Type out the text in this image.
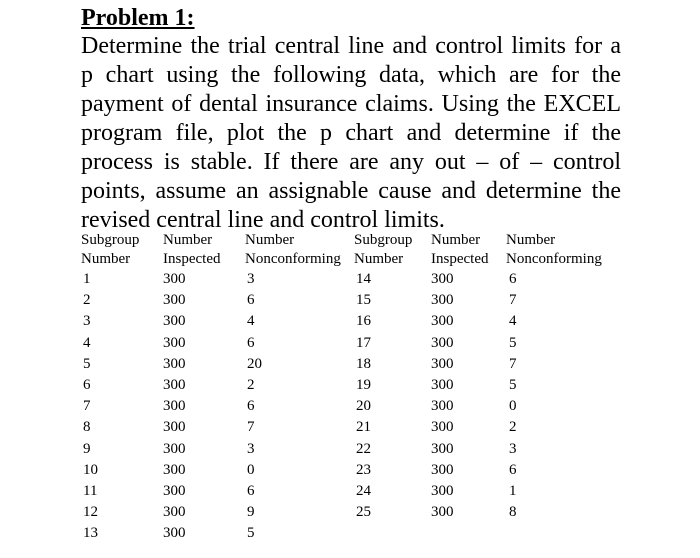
Problem 1:

Determine the trial central line and control limits for a
p chart using the following data, which are for the
payment of dental insurance claims. Using the EXCEL
program file, plot the p chart and determine if the
process is stable. If there are any out – of – control
points, assume an assignable cause and determine the
revised central line and control limits.

Subgroup	Number	Number	Subgroup	Number	Number
Number	Inspected	Nonconforming	Number	Inspected	Nonconforming
1	300	3	14	300	6
2	300	6	15	300	7
3	300	4	16	300	4
4	300	6	17	300	5
5	300	20	18	300	7
6	300	2	19	300	5
7	300	6	20	300	0
8	300	7	21	300	2
9	300	3	22	300	3
10	300	0	23	300	6
11	300	6	24	300	1
12	300	9	25	300	8
13	300	5			
